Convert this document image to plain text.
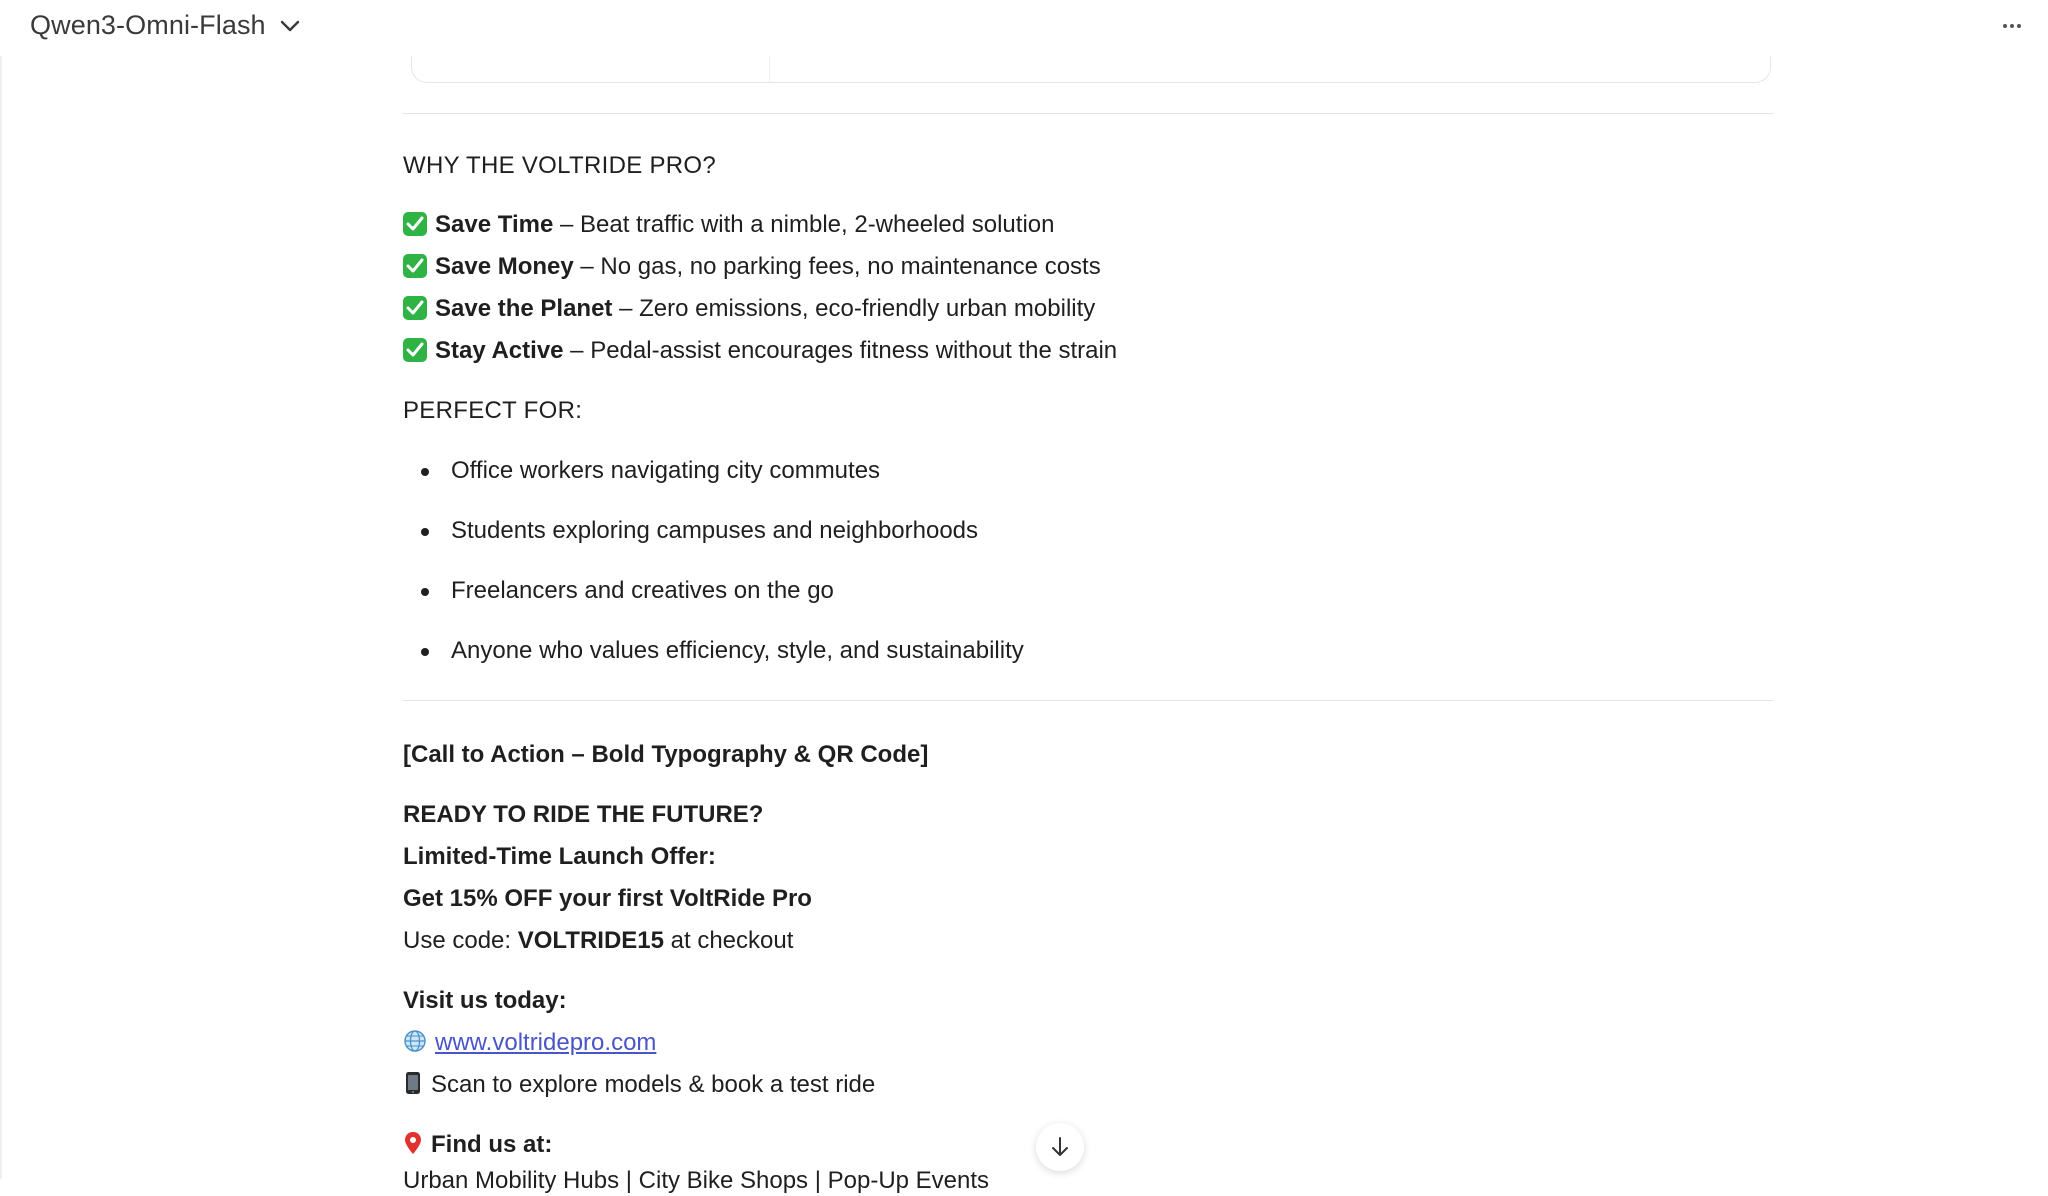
Qwen3-Omni-Flash
WHY THE VOLTRIDE PRO?
Save Time – Beat traffic with a nimble, 2-wheeled solution
Save Money – No gas, no parking fees, no maintenance costs
Save the Planet – Zero emissions, eco-friendly urban mobility
Stay Active – Pedal-assist encourages fitness without the strain
PERFECT FOR:
Office workers navigating city commutes
Students exploring campuses and neighborhoods
Freelancers and creatives on the go
Anyone who values efficiency, style, and sustainability
[Call to Action – Bold Typography & QR Code]
READY TO RIDE THE FUTURE?
Limited-Time Launch Offer:
Get 15% OFF your first VoltRide Pro
Use code: VOLTRIDE15 at checkout
Visit us today:
www.voltridepro.com
Scan to explore models & book a test ride
Find us at:
Urban Mobility Hubs | City Bike Shops | Pop-Up Events
